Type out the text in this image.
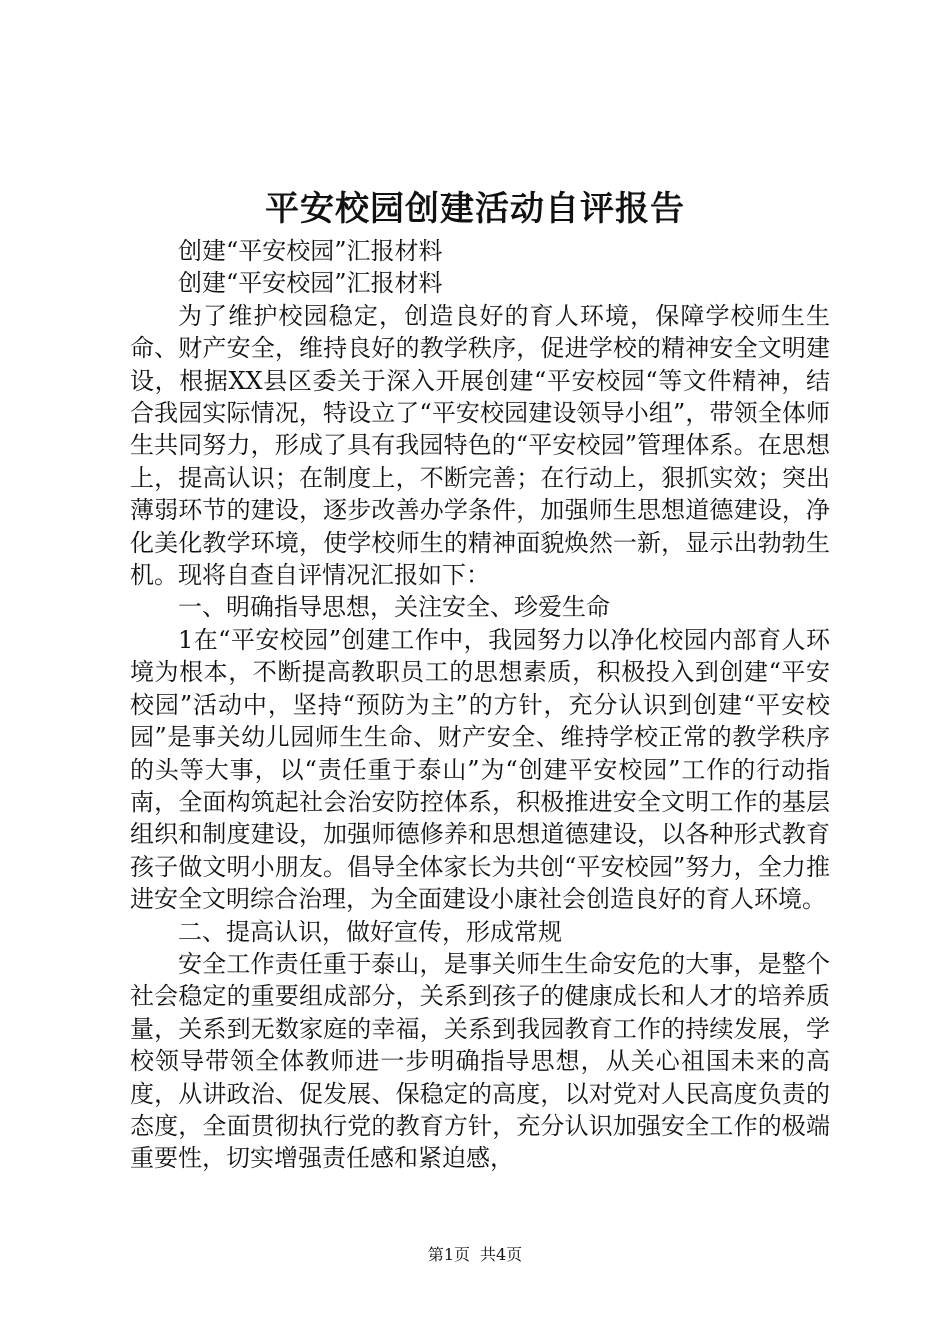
平安校园创建活动自评报告

创建“平安校园”汇报材料

创建“平安校园”汇报材料

为了维护校园稳定，创造良好的育人环境，保障学校师生生命、财产安全，维持良好的教学秩序，促进学校的精神安全文明建设，根据XX县区委关于深入开展创建“平安校园“等文件精神，结合我园实际情况，特设立了“平安校园建设领导小组”，带领全体师生共同努力，形成了具有我园特色的“平安校园”管理体系。在思想上，提高认识；在制度上，不断完善；在行动上，狠抓实效；突出薄弱环节的建设，逐步改善办学条件，加强师生思想道德建设，净化美化教学环境，使学校师生的精神面貌焕然一新，显示出勃勃生机。现将自查自评情况汇报如下：

一、明确指导思想，关注安全、珍爱生命

1在“平安校园”创建工作中，我园努力以净化校园内部育人环境为根本，不断提高教职员工的思想素质，积极投入到创建“平安校园”活动中，坚持“预防为主”的方针，充分认识到创建“平安校园”是事关幼儿园师生生命、财产安全、维持学校正常的教学秩序的头等大事，以“责任重于泰山”为“创建平安校园”工作的行动指南，全面构筑起社会治安防控体系，积极推进安全文明工作的基层组织和制度建设，加强师德修养和思想道德建设，以各种形式教育孩子做文明小朋友。倡导全体家长为共创“平安校园”努力，全力推进安全文明综合治理，为全面建设小康社会创造良好的育人环境。

二、提高认识，做好宣传，形成常规

安全工作责任重于泰山，是事关师生生命安危的大事，是整个社会稳定的重要组成部分，关系到孩子的健康成长和人才的培养质量，关系到无数家庭的幸福，关系到我园教育工作的持续发展，学校领导带领全体教师进一步明确指导思想，从关心祖国未来的高度，从讲政治、促发展、保稳定的高度，以对党对人民高度负责的态度，全面贯彻执行党的教育方针，充分认识加强安全工作的极端重要性，切实增强责任感和紧迫感，

第1页 共4页
